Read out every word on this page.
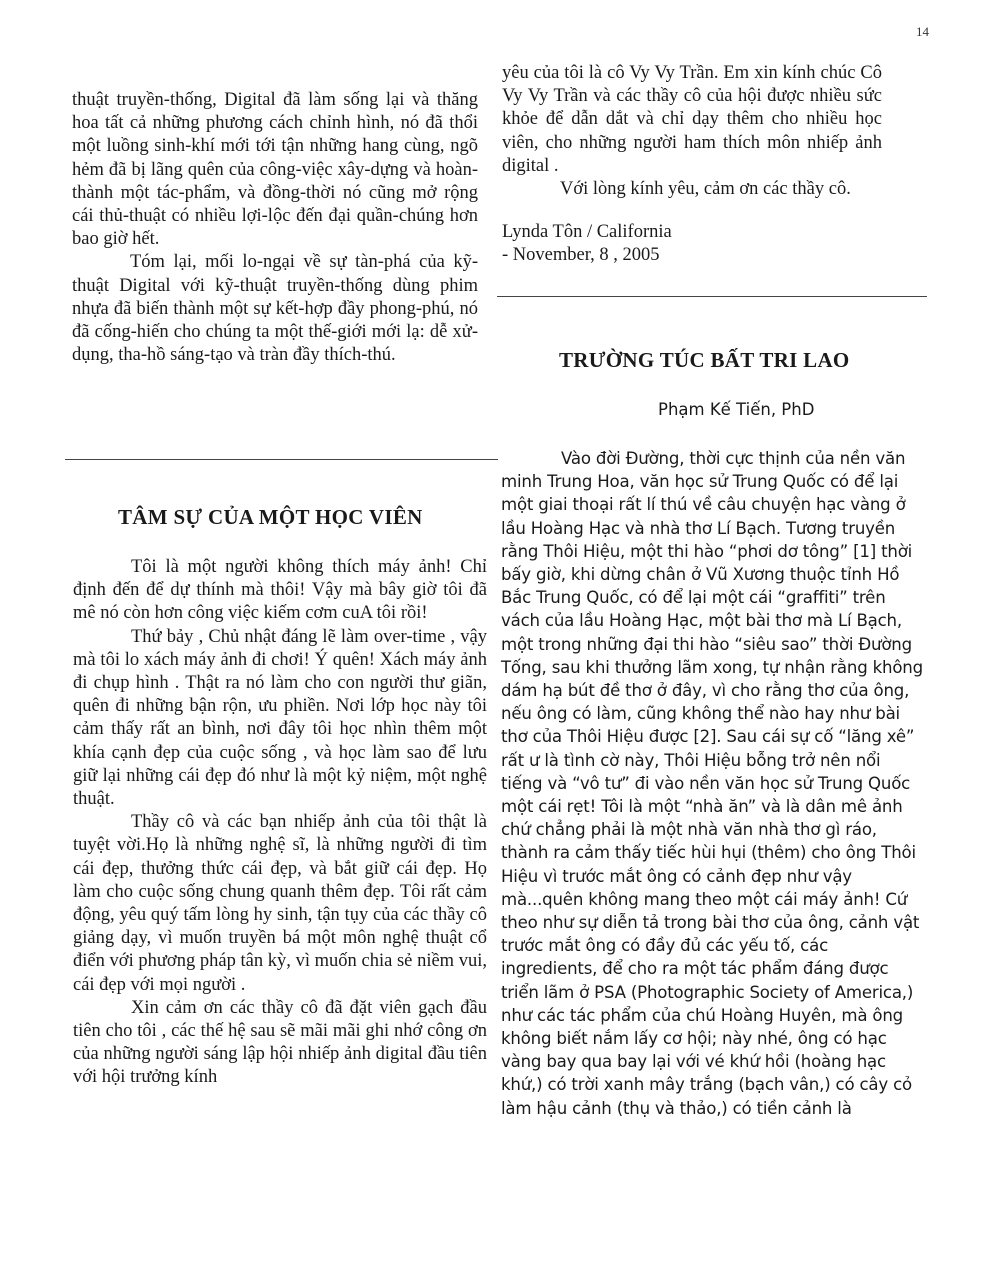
14

thuật truyền-thống, Digital đã làm sống lại và thăng hoa tất cả những phương cách chỉnh hình, nó đã thổi một luồng sinh-khí mới tới tận những hang cùng, ngõ hẻm đã bị lãng quên của công-việc xây-dựng và hoàn-thành một tác-phẩm, và đồng-thời nó cũng mở rộng cái thủ-thuật có nhiều lợi-lộc đến đại quần-chúng hơn bao giờ hết.

Tóm lại, mối lo-ngại về sự tàn-phá của kỹ-thuật Digital với kỹ-thuật truyền-thống dùng phim nhựa đã biến thành một sự kết-hợp đầy phong-phú, nó đã cống-hiến cho chúng ta một thế-giới mới lạ: dễ xử-dụng, tha-hồ sáng-tạo và tràn đầy thích-thú.

TÂM SỰ CỦA MỘT HỌC VIÊN

Tôi là một người không thích máy ảnh! Chỉ định đến để dự thính mà thôi! Vậy mà bây giờ tôi đã mê nó còn hơn công việc kiếm cơm cuA tôi rồi!

Thứ bảy , Chủ nhật đáng lẽ làm over-time , vậy mà tôi lo xách máy ảnh đi chơi! Ý quên! Xách máy ảnh đi chụp hình . Thật ra nó làm cho con người thư giãn, quên đi những bận rộn, ưu phiền. Nơi lớp học này tôi cảm thấy rất an bình, nơi đây tôi học nhìn thêm một khía cạnh đẹp của cuộc sống , và học làm sao để lưu giữ lại những cái đẹp đó như là một kỷ niệm, một nghệ thuật.

Thầy cô và các bạn nhiếp ảnh của tôi thật là tuyệt vời.Họ là những nghệ sĩ, là những người đi tìm cái đẹp, thưởng thức cái đẹp, và bắt giữ cái đẹp. Họ làm cho cuộc sống chung quanh thêm đẹp. Tôi rất cảm động, yêu quý tấm lòng hy sinh, tận tụy của các thầy cô giảng dạy, vì muốn truyền bá một môn nghệ thuật cổ điển với phương pháp tân kỳ, vì muốn chia sẻ niềm vui, cái đẹp với mọi người .

Xin cảm ơn các thầy cô đã đặt viên gạch đầu tiên cho tôi , các thế hệ sau sẽ mãi mãi ghi nhớ công ơn của những người sáng lập hội nhiếp ảnh digital đầu tiên với hội trưởng kính

yêu của tôi là cô Vy Vy Trần. Em xin kính chúc Cô Vy Vy Trần và các thầy cô của hội được nhiều sức khỏe để dẫn dắt và chỉ dạy thêm cho nhiều học viên, cho những người ham thích môn nhiếp ảnh digital .

Với lòng kính yêu, cảm ơn các thầy cô.

Lynda Tôn / California

- November, 8 , 2005

TRƯỜNG TÚC BẤT TRI LAO
Phạm Kế Tiến, PhD

Vào đời Đường, thời cực thịnh của nền văn minh Trung Hoa, văn học sử Trung Quốc có để lại một giai thoại rất lí thú về câu chuyện hạc vàng ở lầu Hoàng Hạc và nhà thơ Lí Bạch. Tương truyền rằng Thôi Hiệu, một thi hào “phơi dơ tông” [1] thời bấy giờ, khi dừng chân ở Vũ Xương thuộc tỉnh Hồ Bắc Trung Quốc, có để lại một cái “graffiti” trên vách của lầu Hoàng Hạc, một bài thơ mà Lí Bạch, một trong những đại thi hào “siêu sao” thời Đường Tống, sau khi thưởng lãm xong, tự nhận rằng không dám hạ bút đề thơ ở đây, vì cho rằng thơ của ông, nếu ông có làm, cũng không thể nào hay như bài thơ của Thôi Hiệu được [2]. Sau cái sự cố “lăng xê” rất ư là tình cờ này, Thôi Hiệu bỗng trở nên nổi tiếng và “vô tư” đi vào nền văn học sử Trung Quốc một cái rẹt! Tôi là một “nhà ăn” và là dân mê ảnh chứ chẳng phải là một nhà văn nhà thơ gì ráo, thành ra cảm thấy tiếc hùi hụi (thêm) cho ông Thôi Hiệu vì trước mắt ông có cảnh đẹp như vậy mà...quên không mang theo một cái máy ảnh! Cứ theo như sự diễn tả trong bài thơ của ông, cảnh vật trước mắt ông có đầy đủ các yếu tố, các ingredients, để cho ra một tác phẩm đáng được triển lãm ở PSA (Photographic Society of America,) như các tác phẩm của chú Hoàng Huyên, mà ông không biết nắm lấy cơ hội; này nhé, ông có hạc vàng bay qua bay lại với vé khứ hồi (hoàng hạc khứ,) có trời xanh mây trắng (bạch vân,) có cây cỏ làm hậu cảnh (thụ và thảo,) có tiền cảnh là
